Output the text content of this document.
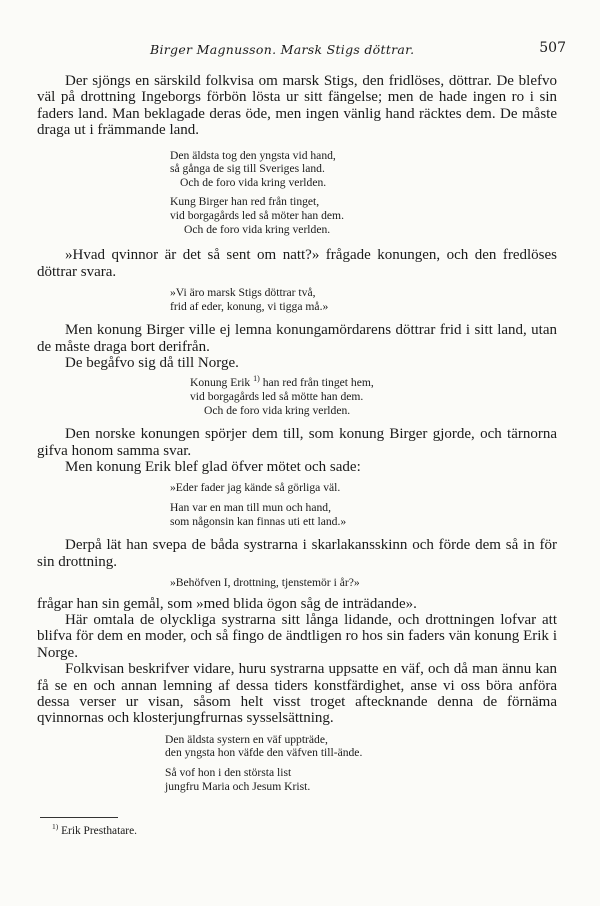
Birger Magnusson. Marsk Stigs döttrar.	507

Der sjöngs en särskild folkvisa om marsk Stigs, den fridlöses, döttrar. De blefvo väl på drottning Ingeborgs förbön lösta ur sitt fängelse; men de hade ingen ro i sin faders land. Man beklagade deras öde, men ingen vänlig hand räcktes dem. De måste draga ut i främmande land.

Den äldsta tog den yngsta vid hand,
så gånga de sig till Sveriges land.
Och de foro vida kring verlden.
Kung Birger han red från tinget,
vid borgagårds led så möter han dem.
Och de foro vida kring verlden.

»Hvad qvinnor är det så sent om natt?» frågade konungen, och den fredlöses döttrar svara.

»Vi äro marsk Stigs döttrar två,
frid af eder, konung, vi tigga må.»

Men konung Birger ville ej lemna konungamördarens döttrar frid i sitt land, utan de måste draga bort derifrån.

De begåfvo sig då till Norge.

Konung Erik $^{1)}$ han red från tinget hem,
vid borgagårds led så mötte han dem.
Och de foro vida kring verlden.

Den norske konungen spörjer dem till, som konung Birger gjorde, och tärnorna gifva honom samma svar.

Men konung Erik blef glad öfver mötet och sade:

»Eder fader jag kände så görliga väl.
Han var en man till mun och hand,
som någonsin kan finnas uti ett land.»

Derpå lät han svepa de båda systrarna i skarlakansskinn och förde dem så in för sin drottning.

»Behöfven I, drottning, tjenstemör i år?»

frågar han sin gemål, som »med blida ögon såg de inträdande».

Här omtala de olyckliga systrarna sitt långa lidande, och drottningen lofvar att blifva för dem en moder, och så fingo de ändtligen ro hos sin faders vän konung Erik i Norge.

Folkvisan beskrifver vidare, huru systrarna uppsatte en väf, och då man ännu kan få se en och annan lemning af dessa tiders konstfärdighet, anse vi oss böra anföra dessa verser ur visan, såsom helt visst troget aftecknande denna de förnäma qvinnornas och klosterjungfrurnas sysselsättning.

Den äldsta systern en väf uppträde,
den yngsta hon väfde den väfven till-ände.
Så vof hon i den största list
jungfru Maria och Jesum Krist.
$^{1)}$ Erik Presthatare.
